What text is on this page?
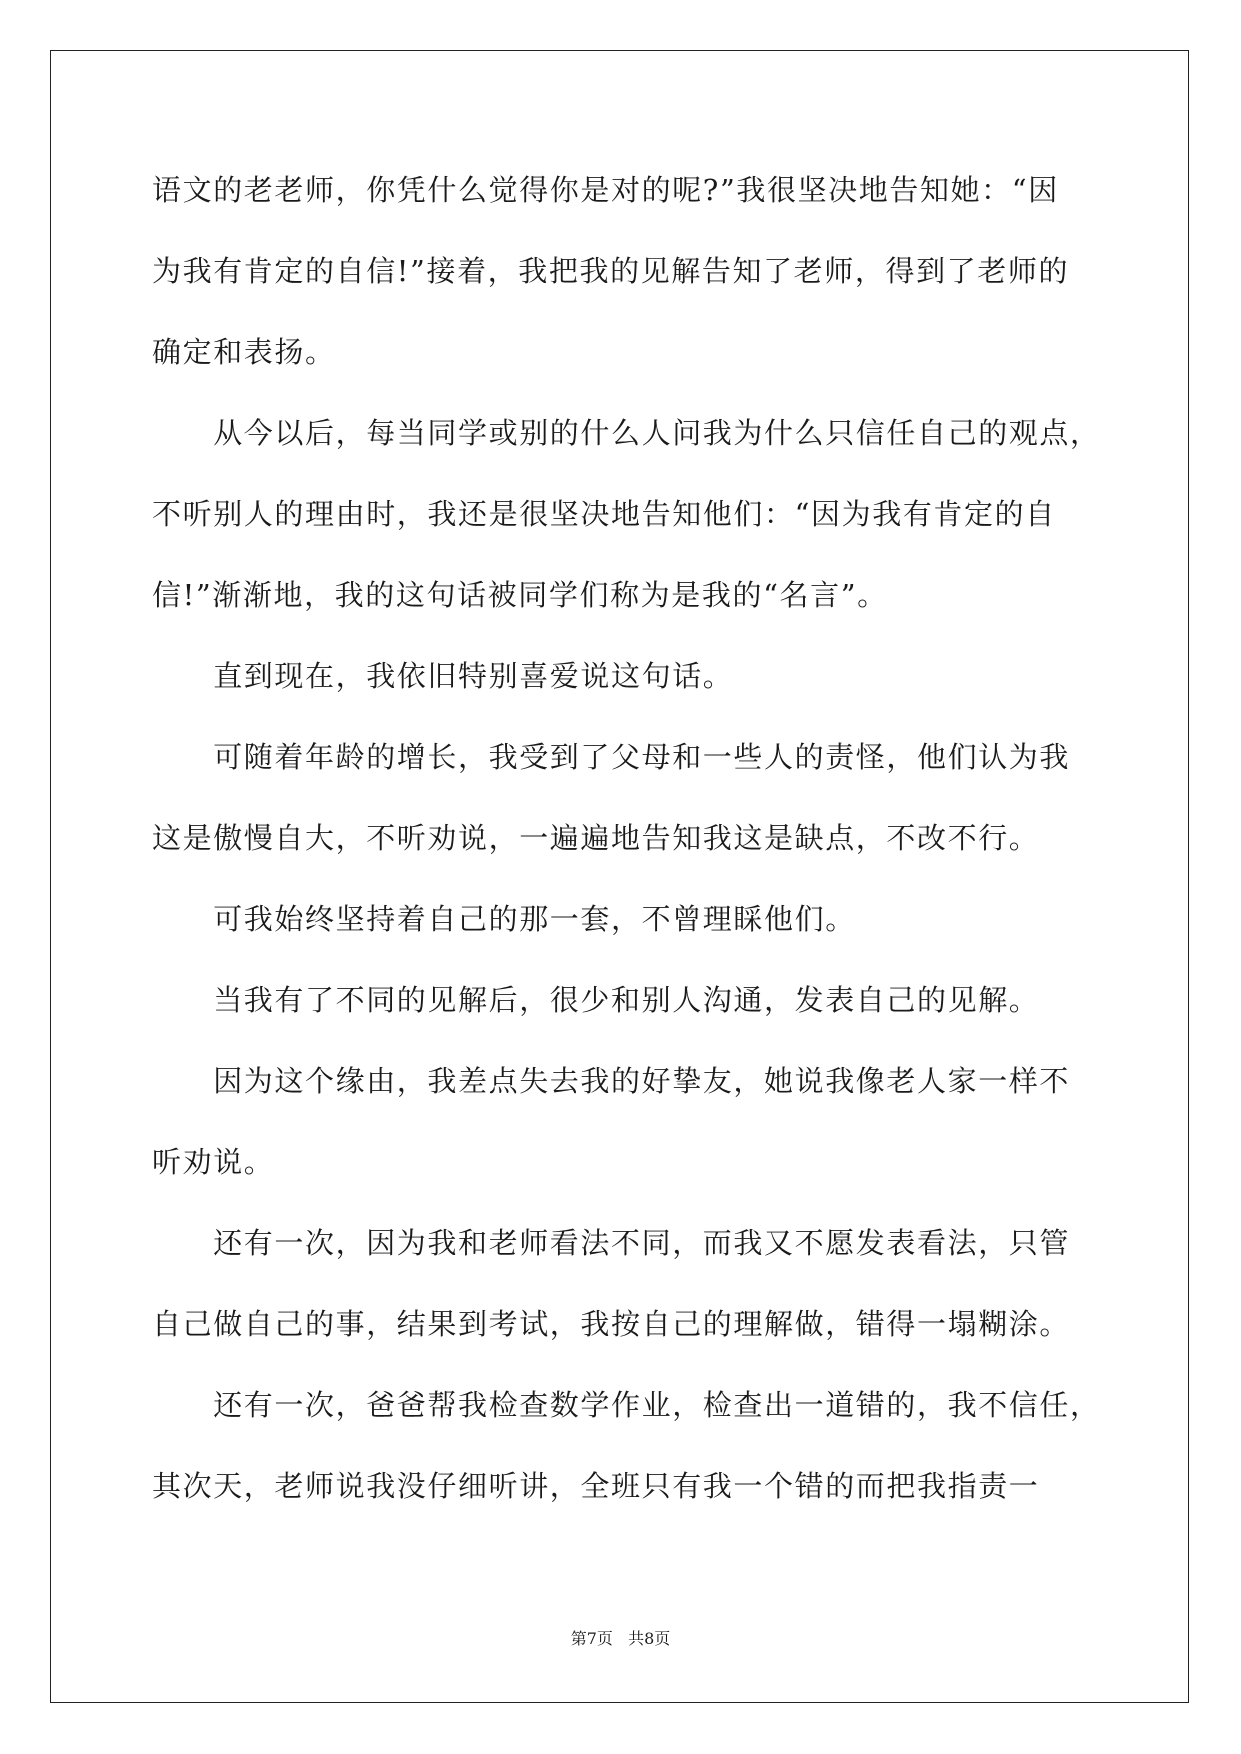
语文的老老师，你凭什么觉得你是对的呢?”我很坚决地告知她：“因
为我有肯定的自信!”接着，我把我的见解告知了老师，得到了老师的
确定和表扬。
　　从今以后，每当同学或别的什么人问我为什么只信任自己的观点，
不听别人的理由时，我还是很坚决地告知他们：“因为我有肯定的自
信!”渐渐地，我的这句话被同学们称为是我的“名言”。
　　直到现在，我依旧特别喜爱说这句话。
　　可随着年龄的增长，我受到了父母和一些人的责怪，他们认为我
这是傲慢自大，不听劝说，一遍遍地告知我这是缺点，不改不行。
　　可我始终坚持着自己的那一套，不曾理睬他们。
　　当我有了不同的见解后，很少和别人沟通，发表自己的见解。
　　因为这个缘由，我差点失去我的好挚友，她说我像老人家一样不
听劝说。
　　还有一次，因为我和老师看法不同，而我又不愿发表看法，只管
自己做自己的事，结果到考试，我按自己的理解做，错得一塌糊涂。
　　还有一次，爸爸帮我检查数学作业，检查出一道错的，我不信任，
其次天，老师说我没仔细听讲，全班只有我一个错的而把我指责一
第7页   共8页
